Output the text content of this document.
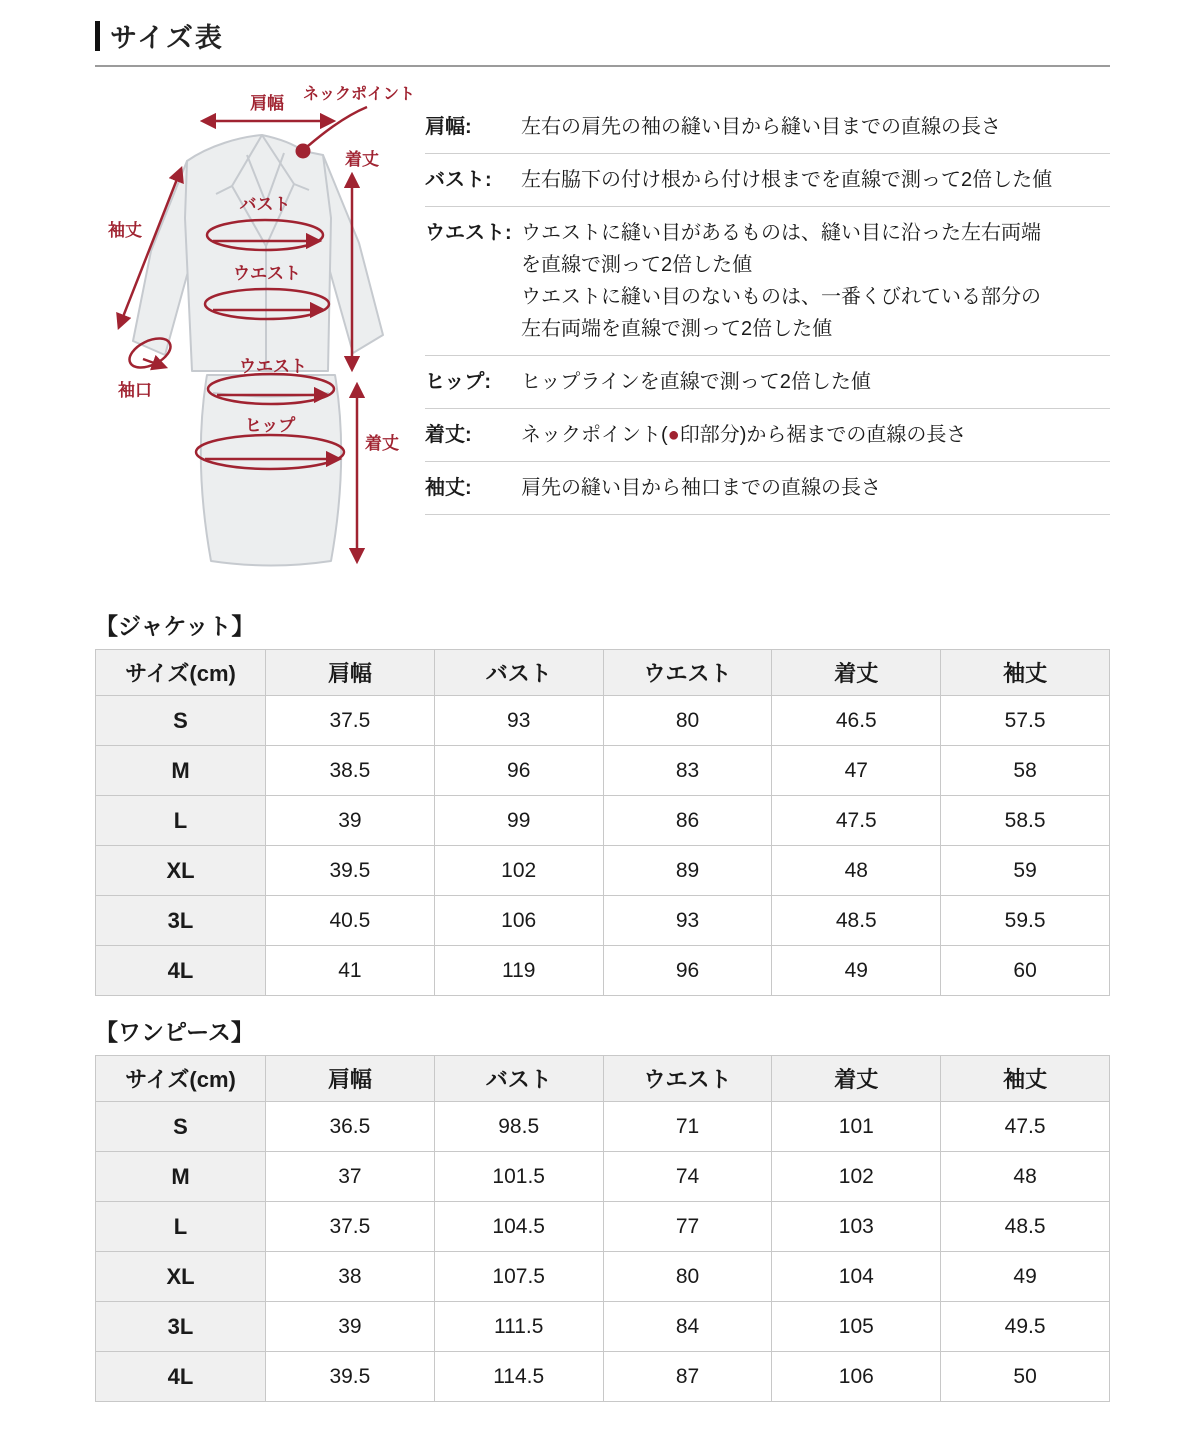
サイズ表
肩幅 ネックポイント
着丈
袖丈
バスト
ウエスト
袖口
ウエスト
ヒップ
着丈
肩幅:	左右の肩先の袖の縫い目から縫い目までの直線の長さ
バスト:	左右脇下の付け根から付け根までを直線で測って2倍した値
ウエスト: ウエストに縫い目があるものは、縫い目に沿った左右両端
を直線で測って2倍した値
ウエストに縫い目のないものは、一番くびれている部分の
左右両端を直線で測って2倍した値
ヒップ:	ヒップラインを直線で測って2倍した値
着丈:	ネックポイント(●印部分)から裾までの直線の長さ
袖丈:	肩先の縫い目から袖口までの直線の長さ
【ジャケット】
サイズ(cm)	肩幅	バスト	ウエスト	着丈	袖丈
S	37.5	93	80	46.5	57.5
M	38.5	96	83	47	58
L	39	99	86	47.5	58.5
XL	39.5	102	89	48	59
3L	40.5	106	93	48.5	59.5
4L	41	119	96	49	60
【ワンピース】
サイズ(cm)	肩幅	バスト	ウエスト	着丈	袖丈
S	36.5	98.5	71	101	47.5
M	37	101.5	74	102	48
L	37.5	104.5	77	103	48.5
XL	38	107.5	80	104	49
3L	39	111.5	84	105	49.5
4L	39.5	114.5	87	106	50
